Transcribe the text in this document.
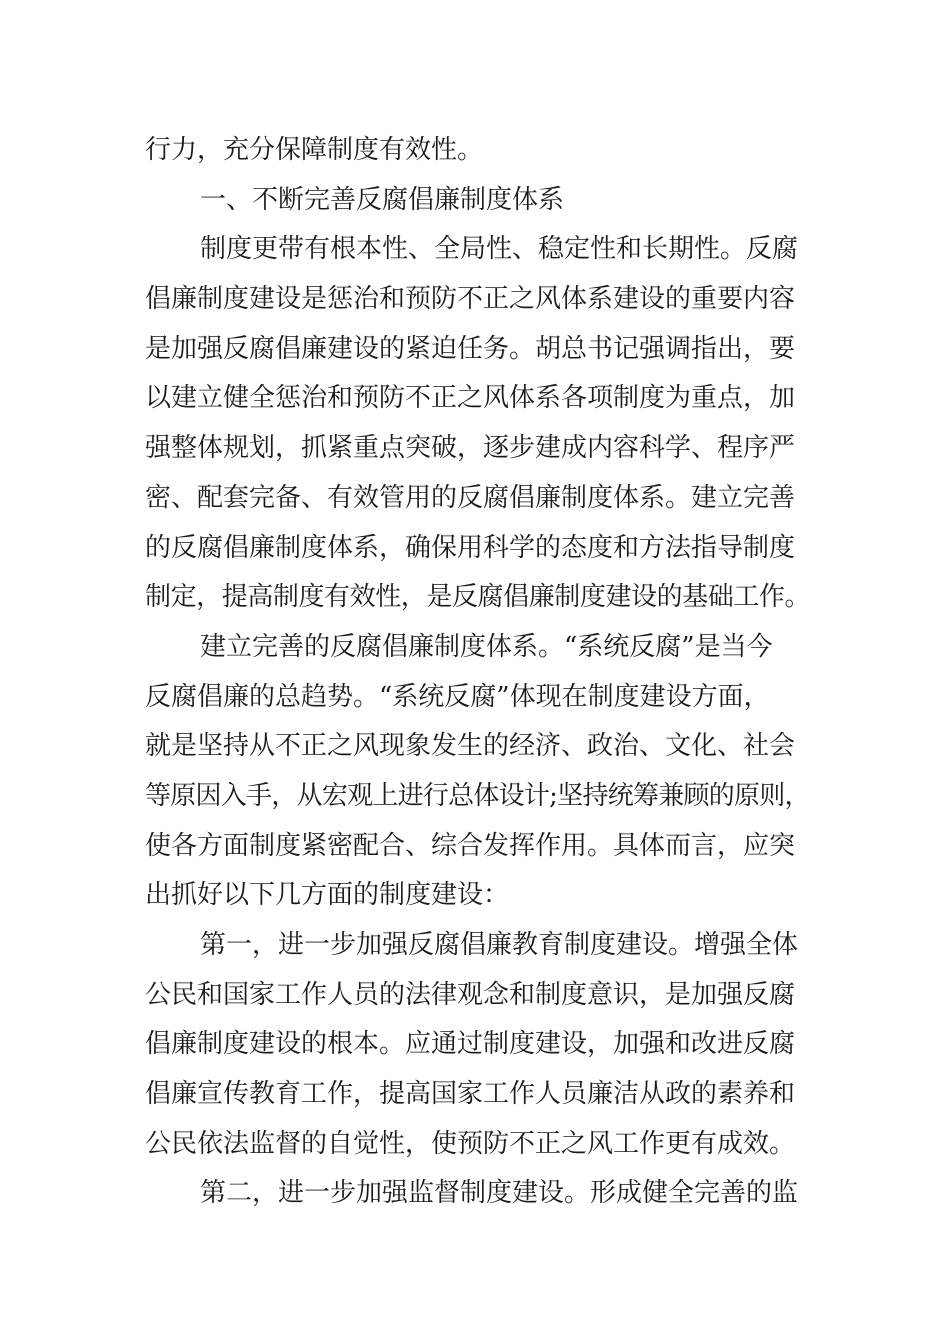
行力，充分保障制度有效性。
一、不断完善反腐倡廉制度体系
制度更带有根本性、全局性、稳定性和长期性。反腐
倡廉制度建设是惩治和预防不正之风体系建设的重要内容
是加强反腐倡廉建设的紧迫任务。胡总书记强调指出，要
以建立健全惩治和预防不正之风体系各项制度为重点，加
强整体规划，抓紧重点突破，逐步建成内容科学、程序严
密、配套完备、有效管用的反腐倡廉制度体系。建立完善
的反腐倡廉制度体系，确保用科学的态度和方法指导制度
制定，提高制度有效性，是反腐倡廉制度建设的基础工作。
建立完善的反腐倡廉制度体系。“系统反腐”是当今
反腐倡廉的总趋势。“系统反腐”体现在制度建设方面，
就是坚持从不正之风现象发生的经济、政治、文化、社会
等原因入手，从宏观上进行总体设计;坚持统筹兼顾的原则，
使各方面制度紧密配合、综合发挥作用。具体而言，应突
出抓好以下几方面的制度建设：
第一，进一步加强反腐倡廉教育制度建设。增强全体
公民和国家工作人员的法律观念和制度意识，是加强反腐
倡廉制度建设的根本。应通过制度建设，加强和改进反腐
倡廉宣传教育工作，提高国家工作人员廉洁从政的素养和
公民依法监督的自觉性，使预防不正之风工作更有成效。
第二，进一步加强监督制度建设。形成健全完善的监
